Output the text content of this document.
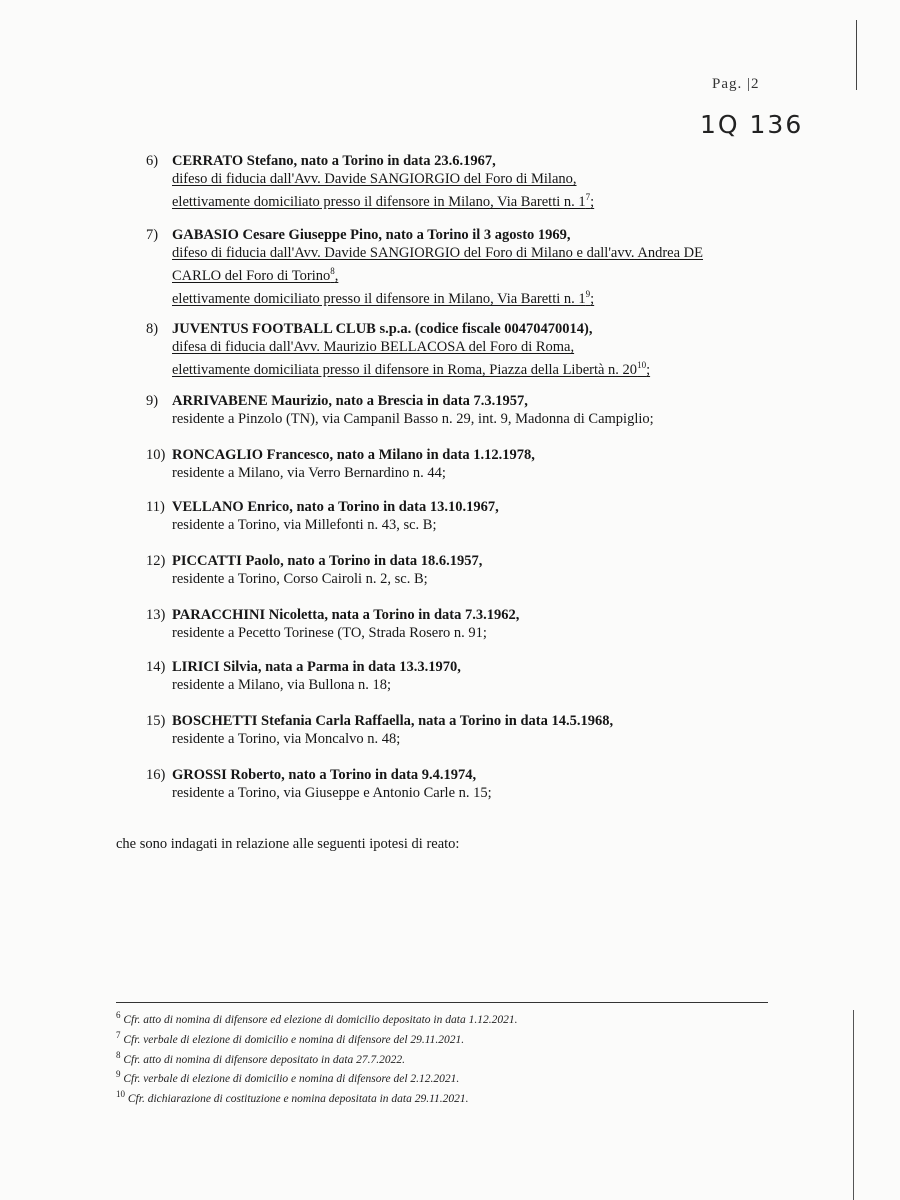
Pag. |2
1Q 136
6) CERRATO Stefano, nato a Torino in data 23.6.1967,
difeso di fiducia dall'Avv. Davide SANGIORGIO del Foro di Milano,
elettivamente domiciliato presso il difensore in Milano, Via Baretti n. $1^7$;
7) GABASIO Cesare Giuseppe Pino, nato a Torino il 3 agosto 1969,
difeso di fiducia dall'Avv. Davide SANGIORGIO del Foro di Milano e dall'avv. Andrea DE
CARLO del Foro di Torino$^8$,
elettivamente domiciliato presso il difensore in Milano, Via Baretti n. $1^9$;
8) JUVENTUS FOOTBALL CLUB s.p.a. (codice fiscale 00470470014),
difesa di fiducia dall'Avv. Maurizio BELLACOSA del Foro di Roma,
elettivamente domiciliata presso il difensore in Roma, Piazza della Libertà n. $20^{10}$;
9) ARRIVABENE Maurizio, nato a Brescia in data 7.3.1957,
residente a Pinzolo (TN), via Campanil Basso n. 29, int. 9, Madonna di Campiglio;
10) RONCAGLIO Francesco, nato a Milano in data 1.12.1978,
residente a Milano, via Verro Bernardino n. 44;
11) VELLANO Enrico, nato a Torino in data 13.10.1967,
residente a Torino, via Millefonti n. 43, sc. B;
12) PICCATTI Paolo, nato a Torino in data 18.6.1957,
residente a Torino, Corso Cairoli n. 2, sc. B;
13) PARACCHINI Nicoletta, nata a Torino in data 7.3.1962,
residente a Pecetto Torinese (TO, Strada Rosero n. 91;
14) LIRICI Silvia, nata a Parma in data 13.3.1970,
residente a Milano, via Bullona n. 18;
15) BOSCHETTI Stefania Carla Raffaella, nata a Torino in data 14.5.1968,
residente a Torino, via Moncalvo n. 48;
16) GROSSI Roberto, nato a Torino in data 9.4.1974,
residente a Torino, via Giuseppe e Antonio Carle n. 15;
che sono indagati in relazione alle seguenti ipotesi di reato:
$^6$ Cfr. atto di nomina di difensore ed elezione di domicilio depositato in data 1.12.2021.
$^7$ Cfr. verbale di elezione di domicilio e nomina di difensore del 29.11.2021.
$^8$ Cfr. atto di nomina di difensore depositato in data 27.7.2022.
$^9$ Cfr. verbale di elezione di domicilio e nomina di difensore del 2.12.2021.
$^{10}$ Cfr. dichiarazione di costituzione e nomina depositata in data 29.11.2021.
